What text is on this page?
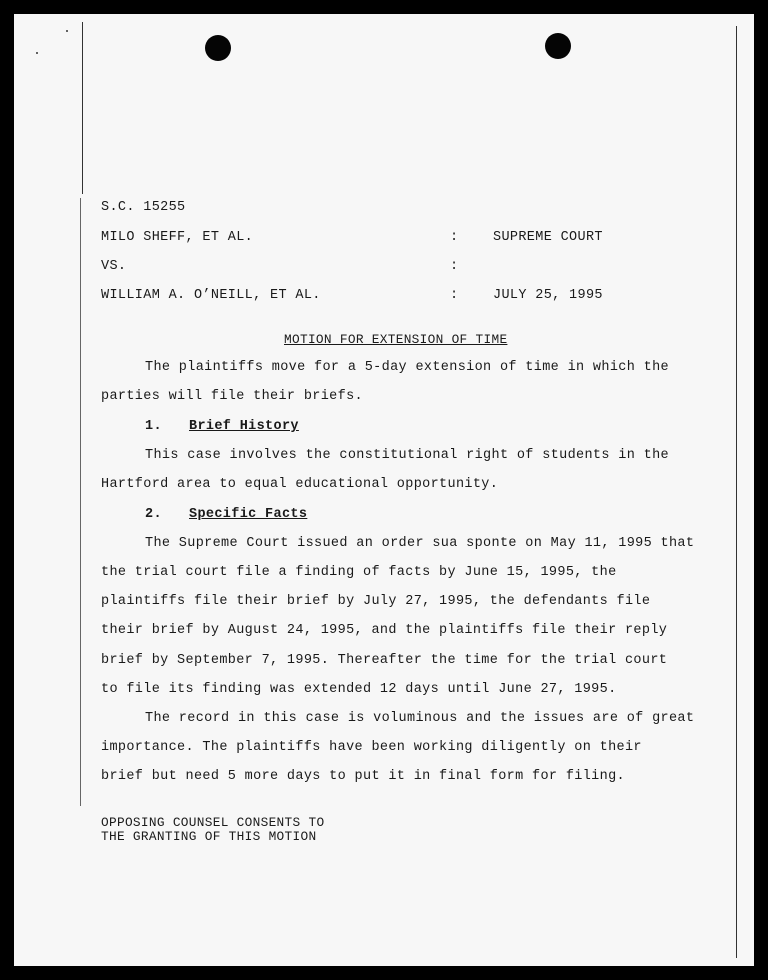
S.C. 15255
MILO SHEFF, ET AL.	:	SUPREME COURT
VS.	:
WILLIAM A. O’NEILL, ET AL.	:	JULY 25, 1995
MOTION FOR EXTENSION OF TIME
The plaintiffs move for a 5-day extension of time in which the
parties will file their briefs.
1. Brief History
This case involves the constitutional right of students in the
Hartford area to equal educational opportunity.
2. Specific Facts
The Supreme Court issued an order sua sponte on May 11, 1995 that
the trial court file a finding of facts by June 15, 1995, the
plaintiffs file their brief by July 27, 1995, the defendants file
their brief by August 24, 1995, and the plaintiffs file their reply
brief by September 7, 1995. Thereafter the time for the trial court
to file its finding was extended 12 days until June 27, 1995.
The record in this case is voluminous and the issues are of great
importance. The plaintiffs have been working diligently on their
brief but need 5 more days to put it in final form for filing.
OPPOSING COUNSEL CONSENTS TO
THE GRANTING OF THIS MOTION
